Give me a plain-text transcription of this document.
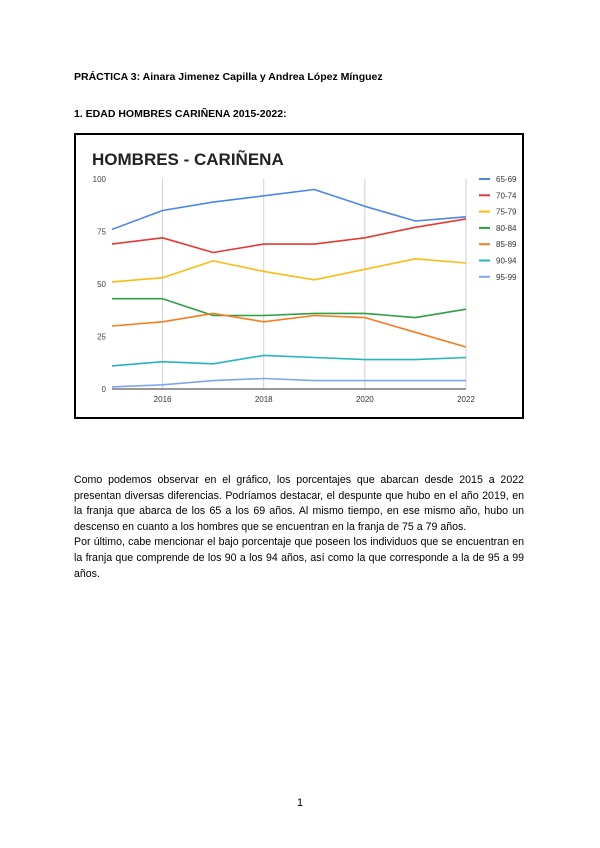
PRÁCTICA 3: Ainara Jimenez Capilla y Andrea López Mínguez
1. EDAD HOMBRES CARIÑENA 2015-2022:
HOMBRES - CARIÑENA
0
25
50
75
100
2016	2018	2020	2022
65-69
70-74
75-79
80-84
85-89
90-94
95-99

Como podemos observar en el gráfico, los porcentajes que abarcan desde 2015 a 2022 presentan diversas diferencias. Podríamos destacar, el despunte que hubo en el año 2019, en la franja que abarca de los 65 a los 69 años. Al mismo tiempo, en ese mismo año, hubo un descenso en cuanto a los hombres que se encuentran en la franja de 75 a 79 años.

Por último, cabe mencionar el bajo porcentaje que poseen los individuos que se encuentran en la franja que comprende de los 90 a los 94 años, así como la que corresponde a la de 95 a 99 años.

1
